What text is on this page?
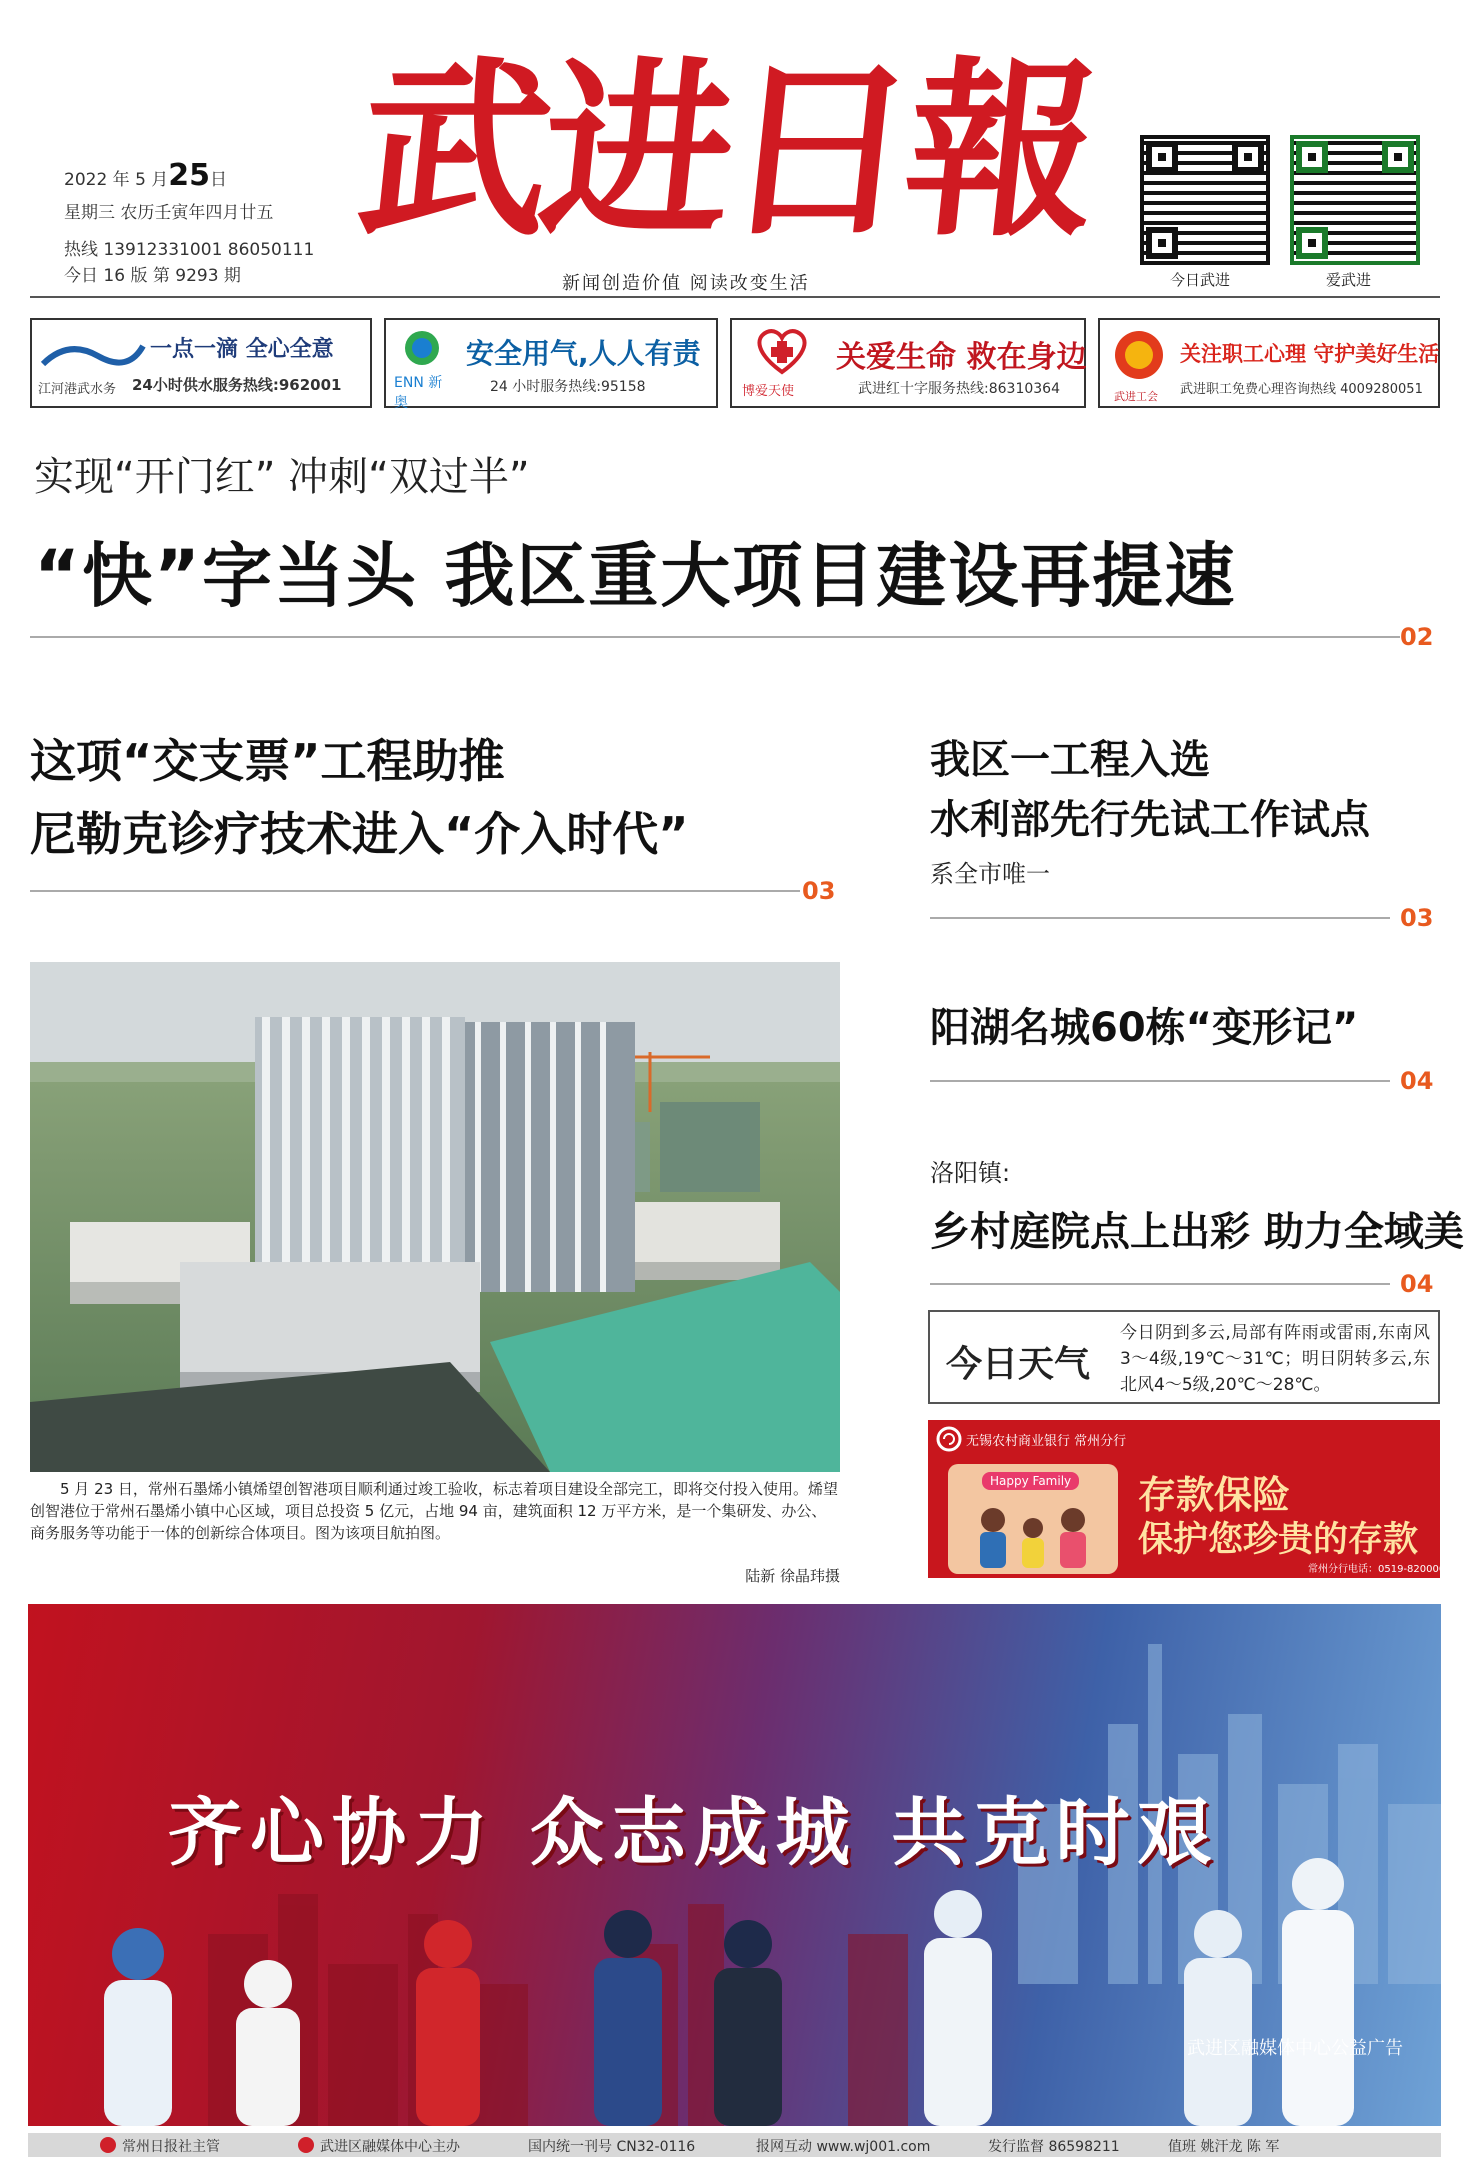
2022 年 5 月25日
星期三 农历壬寅年四月廿五
热线 13912331001 86050111
今日 16 版 第 9293 期
武进日報
新闻创造价值 阅读改变生活	今日武进	爱武进
江河港武水务
一点一滴 全心全意
24小时供水服务热线:962001	ENN 新奥
安全用气,人人有责
24 小时服务热线:95158	博爱天使
关爱生命 救在身边
武进红十字服务热线:86310364	武进工会
关注职工心理 守护美好生活
武进职工免费心理咨询热线 4009280051
实现“开门红” 冲刺“双过半”
“快”字当头 我区重大项目建设再提速
02
这项“交支票”工程助推
尼勒克诊疗技术进入“介入时代”
03
我区一工程入选
水利部先行先试工作试点
系全市唯一
03
阳湖名城60栋“变形记”
04
洛阳镇:
乡村庭院点上出彩 助力全域美
04
5 月 23 日，常州石墨烯小镇烯望创智港项目顺利通过竣工验收，标志着项目建设全部完工，即将交付投入使用。烯望创智港位于常州石墨烯小镇中心区域，项目总投资 5 亿元，占地 94 亩，建筑面积 12 万平方米，是一个集研发、办公、商务服务等功能于一体的创新综合体项目。图为该项目航拍图。
陆新 徐晶玮摄
今日天气
今日阴到多云,局部有阵雨或雷雨,东南风3～4级,19℃～31℃；明日阴转多云,东北风4～5级,20℃～28℃。
无锡农村商业银行 常州分行
Happy Family 存款保险
保护您珍贵的存款
常州分行电话：0519-82000008
齐心协力 众志成城 共克时艰
武进区融媒体中心公益广告
常州日报社主管	武进区融媒体中心主办	国内统一刊号 CN32-0116	报网互动 www.wj001.com	发行监督 86598211	值班 姚汗龙 陈 军
